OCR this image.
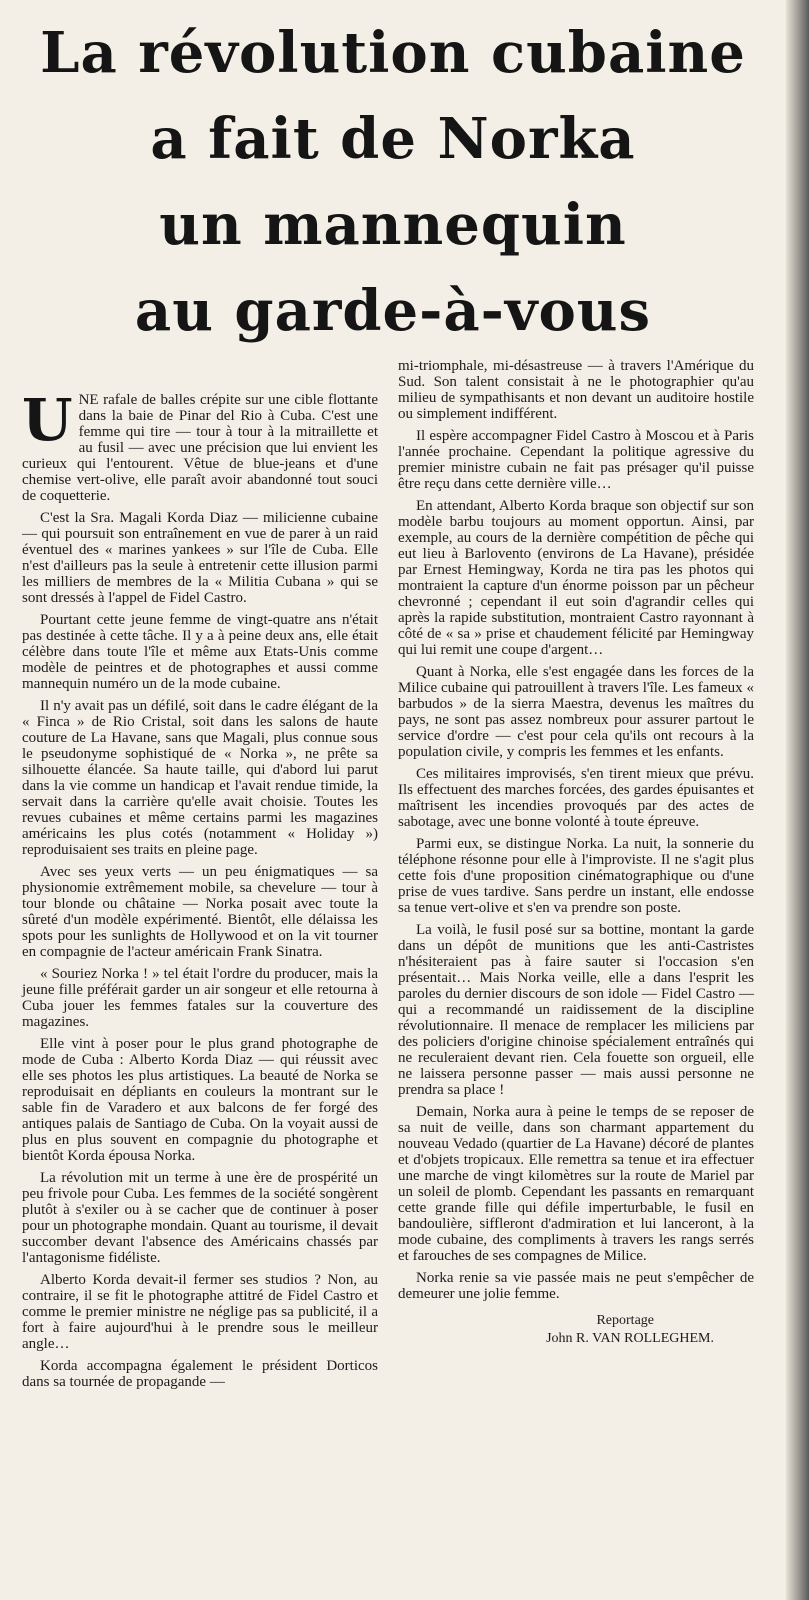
La révolution cubaine
a fait de Norka
un mannequin
au garde-à-vous

UNE rafale de balles crépite sur une cible flottante dans la baie de Pinar del Rio à Cuba. C'est une femme qui tire — tour à tour à la mitraillette et au fusil — avec une précision que lui envient les curieux qui l'entourent. Vêtue de blue-jeans et d'une chemise vert-olive, elle paraît avoir abandonné tout souci de coquetterie.

C'est la Sra. Magali Korda Diaz — milicienne cubaine — qui poursuit son entraînement en vue de parer à un raid éventuel des « marines yankees » sur l'île de Cuba. Elle n'est d'ailleurs pas la seule à entretenir cette illusion parmi les milliers de membres de la « Militia Cubana » qui se sont dressés à l'appel de Fidel Castro.

Pourtant cette jeune femme de vingt-quatre ans n'était pas destinée à cette tâche. Il y a à peine deux ans, elle était célèbre dans toute l'île et même aux Etats-Unis comme modèle de peintres et de photographes et aussi comme mannequin numéro un de la mode cubaine.

Il n'y avait pas un défilé, soit dans le cadre élégant de la « Finca » de Rio Cristal, soit dans les salons de haute couture de La Havane, sans que Magali, plus connue sous le pseudonyme sophistiqué de « Norka », ne prête sa silhouette élancée. Sa haute taille, qui d'abord lui parut dans la vie comme un handicap et l'avait rendue timide, la servait dans la carrière qu'elle avait choisie. Toutes les revues cubaines et même certains parmi les magazines américains les plus cotés (notamment « Holiday ») reproduisaient ses traits en pleine page.

Avec ses yeux verts — un peu énigmatiques — sa physionomie extrêmement mobile, sa chevelure — tour à tour blonde ou châtaine — Norka posait avec toute la sûreté d'un modèle expérimenté. Bientôt, elle délaissa les spots pour les sunlights de Hollywood et on la vit tourner en compagnie de l'acteur américain Frank Sinatra.

« Souriez Norka ! » tel était l'ordre du producer, mais la jeune fille préférait garder un air songeur et elle retourna à Cuba jouer les femmes fatales sur la couverture des magazines.

Elle vint à poser pour le plus grand photographe de mode de Cuba : Alberto Korda Diaz — qui réussit avec elle ses photos les plus artistiques. La beauté de Norka se reproduisait en dépliants en couleurs la montrant sur le sable fin de Varadero et aux balcons de fer forgé des antiques palais de Santiago de Cuba. On la voyait aussi de plus en plus souvent en compagnie du photographe et bientôt Korda épousa Norka.

La révolution mit un terme à une ère de prospérité un peu frivole pour Cuba. Les femmes de la société songèrent plutôt à s'exiler ou à se cacher que de continuer à poser pour un photographe mondain. Quant au tourisme, il devait succomber devant l'absence des Américains chassés par l'antagonisme fidéliste.

Alberto Korda devait-il fermer ses studios ? Non, au contraire, il se fit le photographe attitré de Fidel Castro et comme le premier ministre ne néglige pas sa publicité, il a fort à faire aujourd'hui à le prendre sous le meilleur angle…

Korda accompagna également le président Dorticos dans sa tournée de propagande —

mi-triomphale, mi-désastreuse — à travers l'Amérique du Sud. Son talent consistait à ne le photographier qu'au milieu de sympathisants et non devant un auditoire hostile ou simplement indifférent.

Il espère accompagner Fidel Castro à Moscou et à Paris l'année prochaine. Cependant la politique agressive du premier ministre cubain ne fait pas présager qu'il puisse être reçu dans cette dernière ville…

En attendant, Alberto Korda braque son objectif sur son modèle barbu toujours au moment opportun. Ainsi, par exemple, au cours de la dernière compétition de pêche qui eut lieu à Barlovento (environs de La Havane), présidée par Ernest Hemingway, Korda ne tira pas les photos qui montraient la capture d'un énorme poisson par un pêcheur chevronné ; cependant il eut soin d'agrandir celles qui après la rapide substitution, montraient Castro rayonnant à côté de « sa » prise et chaudement félicité par Hemingway qui lui remit une coupe d'argent…

Quant à Norka, elle s'est engagée dans les forces de la Milice cubaine qui patrouillent à travers l'île. Les fameux « barbudos » de la sierra Maestra, devenus les maîtres du pays, ne sont pas assez nombreux pour assurer partout le service d'ordre — c'est pour cela qu'ils ont recours à la population civile, y compris les femmes et les enfants.

Ces militaires improvisés, s'en tirent mieux que prévu. Ils effectuent des marches forcées, des gardes épuisantes et maîtrisent les incendies provoqués par des actes de sabotage, avec une bonne volonté à toute épreuve.

Parmi eux, se distingue Norka. La nuit, la sonnerie du téléphone résonne pour elle à l'improviste. Il ne s'agit plus cette fois d'une proposition cinématographique ou d'une prise de vues tardive. Sans perdre un instant, elle endosse sa tenue vert-olive et s'en va prendre son poste.

La voilà, le fusil posé sur sa bottine, montant la garde dans un dépôt de munitions que les anti-Castristes n'hésiteraient pas à faire sauter si l'occasion s'en présentait… Mais Norka veille, elle a dans l'esprit les paroles du dernier discours de son idole — Fidel Castro — qui a recommandé un raidissement de la discipline révolutionnaire. Il menace de remplacer les miliciens par des policiers d'origine chinoise spécialement entraînés qui ne reculeraient devant rien. Cela fouette son orgueil, elle ne laissera personne passer — mais aussi personne ne prendra sa place !

Demain, Norka aura à peine le temps de se reposer de sa nuit de veille, dans son charmant appartement du nouveau Vedado (quartier de La Havane) décoré de plantes et d'objets tropicaux. Elle remettra sa tenue et ira effectuer une marche de vingt kilomètres sur la route de Mariel par un soleil de plomb. Cependant les passants en remarquant cette grande fille qui défile imperturbable, le fusil en bandoulière, siffleront d'admiration et lui lanceront, à la mode cubaine, des compliments à travers les rangs serrés et farouches de ses compagnes de Milice.

Norka renie sa vie passée mais ne peut s'empêcher de demeurer une jolie femme.

Reportage
John R. VAN ROLLEGHEM.
